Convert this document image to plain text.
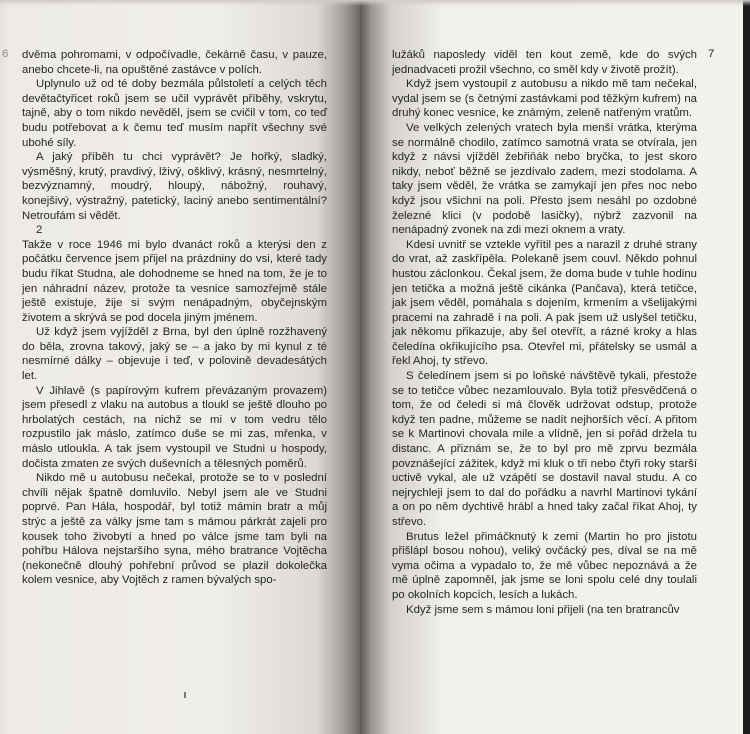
6 dvěma pohromami, v odpočívadle, čekárně času, v pauze, anebo chcete-li, na opuštěné zastávce v polích.

Uplynulo už od té doby bezmála půlstoletí a celých těch devětačtyřicet roků jsem se učil vyprávět příběhy, vskrytu, tajně, aby o tom nikdo nevěděl, jsem se cvičil v tom, co teď budu potřebovat a k čemu teď musím napřít všechny své ubohé síly.

A jaký příběh tu chci vyprávět? Je hořký, sladký, výsměšný, krutý, pravdivý, lživý, ošklivý, krásný, nesmrtelný, bezvýznamný, moudrý, hloupý, nábožný, rouhavý, konejšivý, výstražný, patetický, laciný anebo sentimentální? Netroufám si vědět.

2

Takže v roce 1946 mi bylo dvanáct roků a kterýsi den z počátku července jsem přijel na prázdniny do vsi, které tady budu říkat Studna, ale dohodneme se hned na tom, že je to jen náhradní název, protože ta vesnice samozřejmě stále ještě existuje, žije si svým nenápadným, obyčejnským životem a skrývá se pod docela jiným jménem.

Už když jsem vyjížděl z Brna, byl den úplně rozžhavený do běla, zrovna takový, jaký se – a jako by mi kynul z té nesmírné dálky – objevuje i teď, v polovině devadesátých let.

V Jihlavě (s papírovým kufrem převázaným provazem) jsem přesedl z vlaku na autobus a tloukl se ještě dlouho po hrbolatých cestách, na nichž se mi v tom vedru tělo rozpustilo jak máslo, zatímco duše se mi zas, mřenka, v máslo utloukla. A tak jsem vystoupil ve Studni u hospody, dočista zmaten ze svých duševních a tělesných poměrů.

Nikdo mě u autobusu nečekal, protože se to v poslední chvíli nějak špatně domluvilo. Nebyl jsem ale ve Studni poprvé. Pan Hála, hospodář, byl totiž mámin bratr a můj strýc a ještě za války jsme tam s mámou párkrát zajeli pro kousek toho živobytí a hned po válce jsme tam byli na pohřbu Hálova nejstaršího syna, mého bratrance Vojtěcha (nekonečně dlouhý pohřební průvod se plazil dokolečka kolem vesnice, aby Vojtěch z ramen bývalých spo-

7

lužáků naposledy viděl ten kout země, kde do svých jednadvaceti prožil všechno, co směl kdy v životě prožít).

Když jsem vystoupil z autobusu a nikdo mě tam nečekal, vydal jsem se (s četnými zastávkami pod těžkým kufrem) na druhý konec vesnice, ke známým, zeleně natřeným vratům.

Ve velkých zelených vratech byla menší vrátka, kterýma se normálně chodilo, zatímco samotná vrata se otvírala, jen když z návsi vjížděl žebřiňák nebo bryčka, to jest skoro nikdy, neboť běžně se jezdívalo zadem, mezi stodolama. A taky jsem věděl, že vrátka se zamykají jen přes noc nebo když jsou všichni na poli. Přesto jsem nesáhl po ozdobné železné klici (v podobě lasičky), nýbrž zazvonil na nenápadný zvonek na zdi mezi oknem a vraty.

Kdesi uvnitř se vztekle vyřítil pes a narazil z druhé strany do vrat, až zaskřípěla. Polekaně jsem couvl. Někdo pohnul hustou záclonkou. Čekal jsem, že doma bude v tuhle hodinu jen tetička a možná ještě cikánka (Pančava), která tetičce, jak jsem věděl, pomáhala s dojením, krmením a všelijakými pracemi na zahradě i na poli. A pak jsem už uslyšel tetičku, jak někomu přikazuje, aby šel otevřít, a rázné kroky a hlas čeledína okřikujícího psa. Otevřel mi, přátelsky se usmál a řekl Ahoj, ty střevo.

S čeledínem jsem si po loňské návštěvě tykali, přestože se to tetičce vůbec nezamlouvalo. Byla totiž přesvědčená o tom, že od čeledi si má člověk udržovat odstup, protože když ten padne, můžeme se nadít nejhorších věcí. A přitom se k Martinovi chovala mile a vlídně, jen si pořád držela tu distanc. A přiznám se, že to byl pro mě zprvu bezmála povznášející zážitek, když mi kluk o tři nebo čtyři roky starší uctivě vykal, ale už vzápětí se dostavil naval studu. A co nejrychleji jsem to dal do pořádku a navrhl Martinovi tykání a on po něm dychtivě hrábl a hned taky začal říkat Ahoj, ty střevo.

Brutus ležel přimáčknutý k zemi (Martin ho pro jistotu přišlápl bosou nohou), veliký ovčácký pes, díval se na mě vyma očima a vypadalo to, že mě vůbec nepoznává a že mě úplně zapomněl, jak jsme se loni spolu celé dny toulali po okolních kopcích, lesích a lukách.

Když jsme sem s mámou loni přijeli (na ten bratrancův
